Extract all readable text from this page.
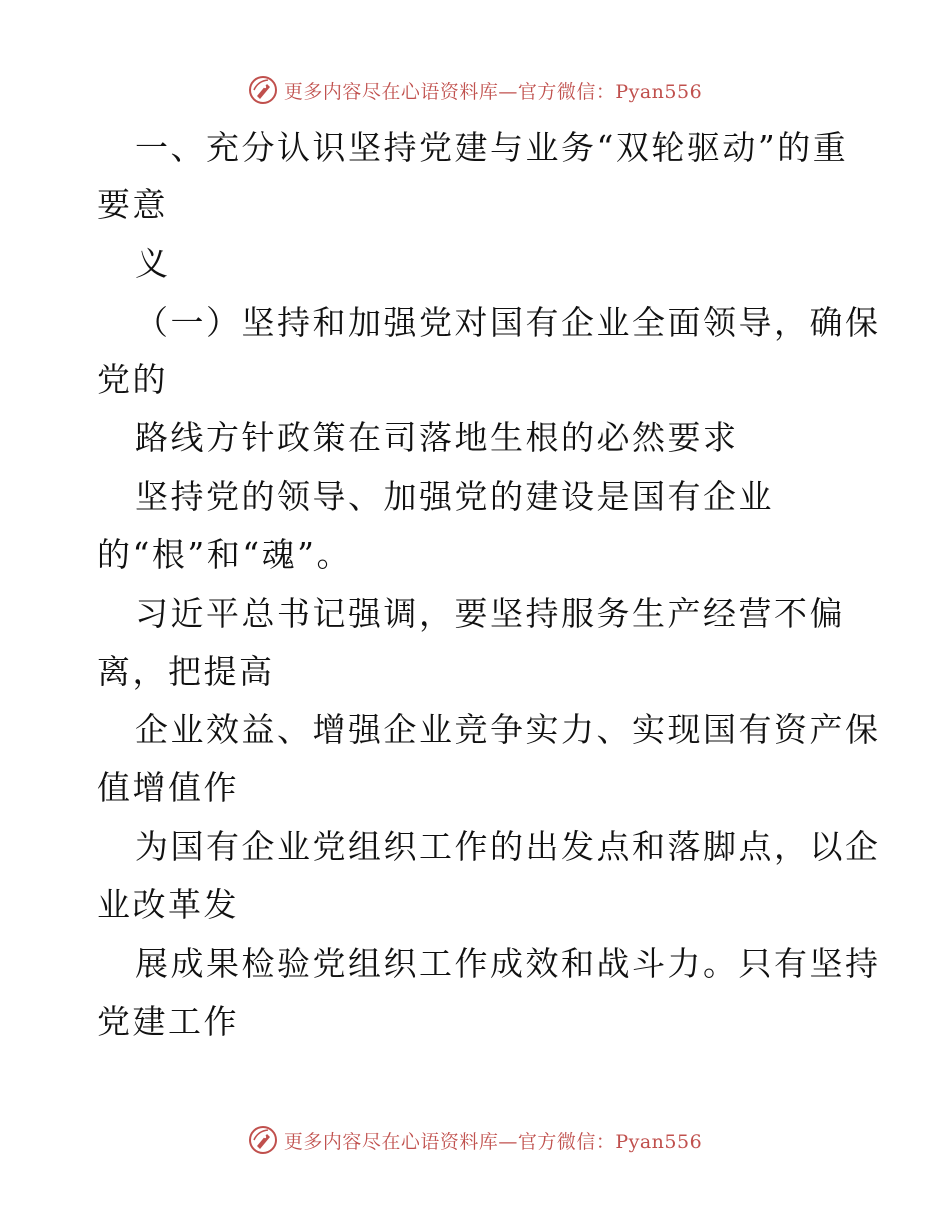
更多内容尽在心语资料库—官方微信：Pyan556
一、充分认识坚持党建与业务“双轮驱动”的重
要意
义
（一）坚持和加强党对国有企业全面领导，确保
党的
路线方针政策在司落地生根的必然要求
坚持党的领导、加强党的建设是国有企业
的“根”和“魂”。
习近平总书记强调，要坚持服务生产经营不偏
离，把提高
企业效益、增强企业竞争实力、实现国有资产保
值增值作
为国有企业党组织工作的出发点和落脚点，以企
业改革发
展成果检验党组织工作成效和战斗力。只有坚持
党建工作
更多内容尽在心语资料库—官方微信：Pyan556
